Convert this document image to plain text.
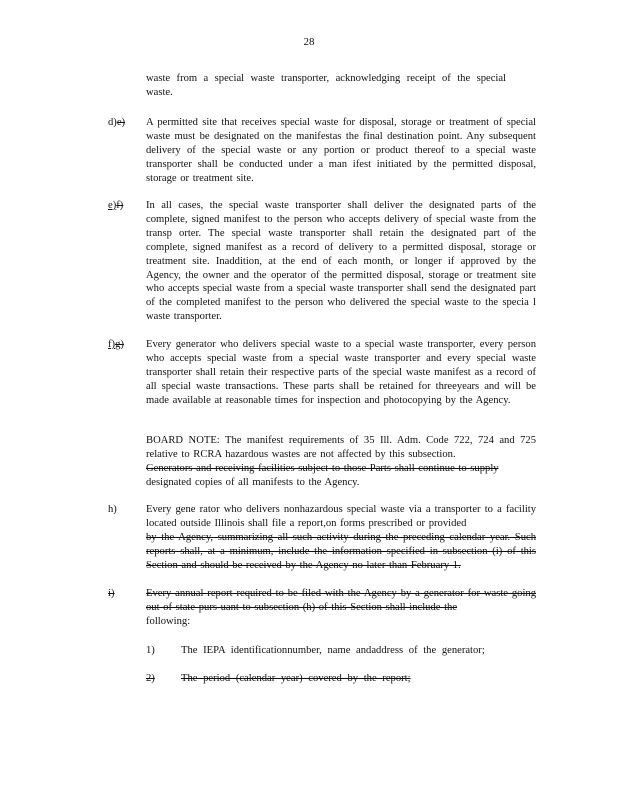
28

waste from a special waste transporter, acknowledging receipt of the special waste.

d)e) A permitted site that receives special waste for disposal, storage or treatment of special waste must be designated on the manifestas the final destination point. Any subsequent delivery of the special waste or any portion or product thereof to a special waste transporter shall be conducted under a man ifest initiated by the permitted disposal, storage or treatment site.

e)f) In all cases, the special waste transporter shall deliver the designated parts of the complete, signed manifest to the person who accepts delivery of special waste from the transp orter. The special waste transporter shall retain the designated part of the complete, signed manifest as a record of delivery to a permitted disposal, storage or treatment site. Inaddition, at the end of each month, or longer if approved by the Agency, the owner and the operator of the permitted disposal, storage or treatment site who accepts special waste from a special waste transporter shall send the designated part of the completed manifest to the person who delivered the special waste to the specia l waste transporter.

f)g) Every generator who delivers special waste to a special waste transporter, every person who accepts special waste from a special waste transporter and every special waste transporter shall retain their respective parts of the special waste manifest as a record of all special waste transactions. These parts shall be retained for threeyears and will be made available at reasonable times for inspection and photocopying by the Agency.

BOARD NOTE: The manifest requirements of 35 Ill. Adm. Code 722, 724 and 725 relative to RCRA hazardous wastes are not affected by this subsection.

Generators and receiving facilities subject to those Parts shall continue to supply

designated copies of all manifests to the Agency.

h)	Every gene rator who delivers nonhazardous special waste via a transporter to a facility located outside Illinois shall file a report,on forms prescribed or provided

by the Agency, summarizing all such activity during the preceding calendar year. Such reports shall, at a minimum, include the information specified in subsection (i) of this Section and should be received by the Agency no later than February 1.

i)	Every annual report required to be filed with the Agency by a generator for waste going out of state purs uant to subsection (h) of this Section shall include the

following:

1) The IEPA identificationnumber, name andaddress of the generator;
2) The period (calendar year) covered by the report;
